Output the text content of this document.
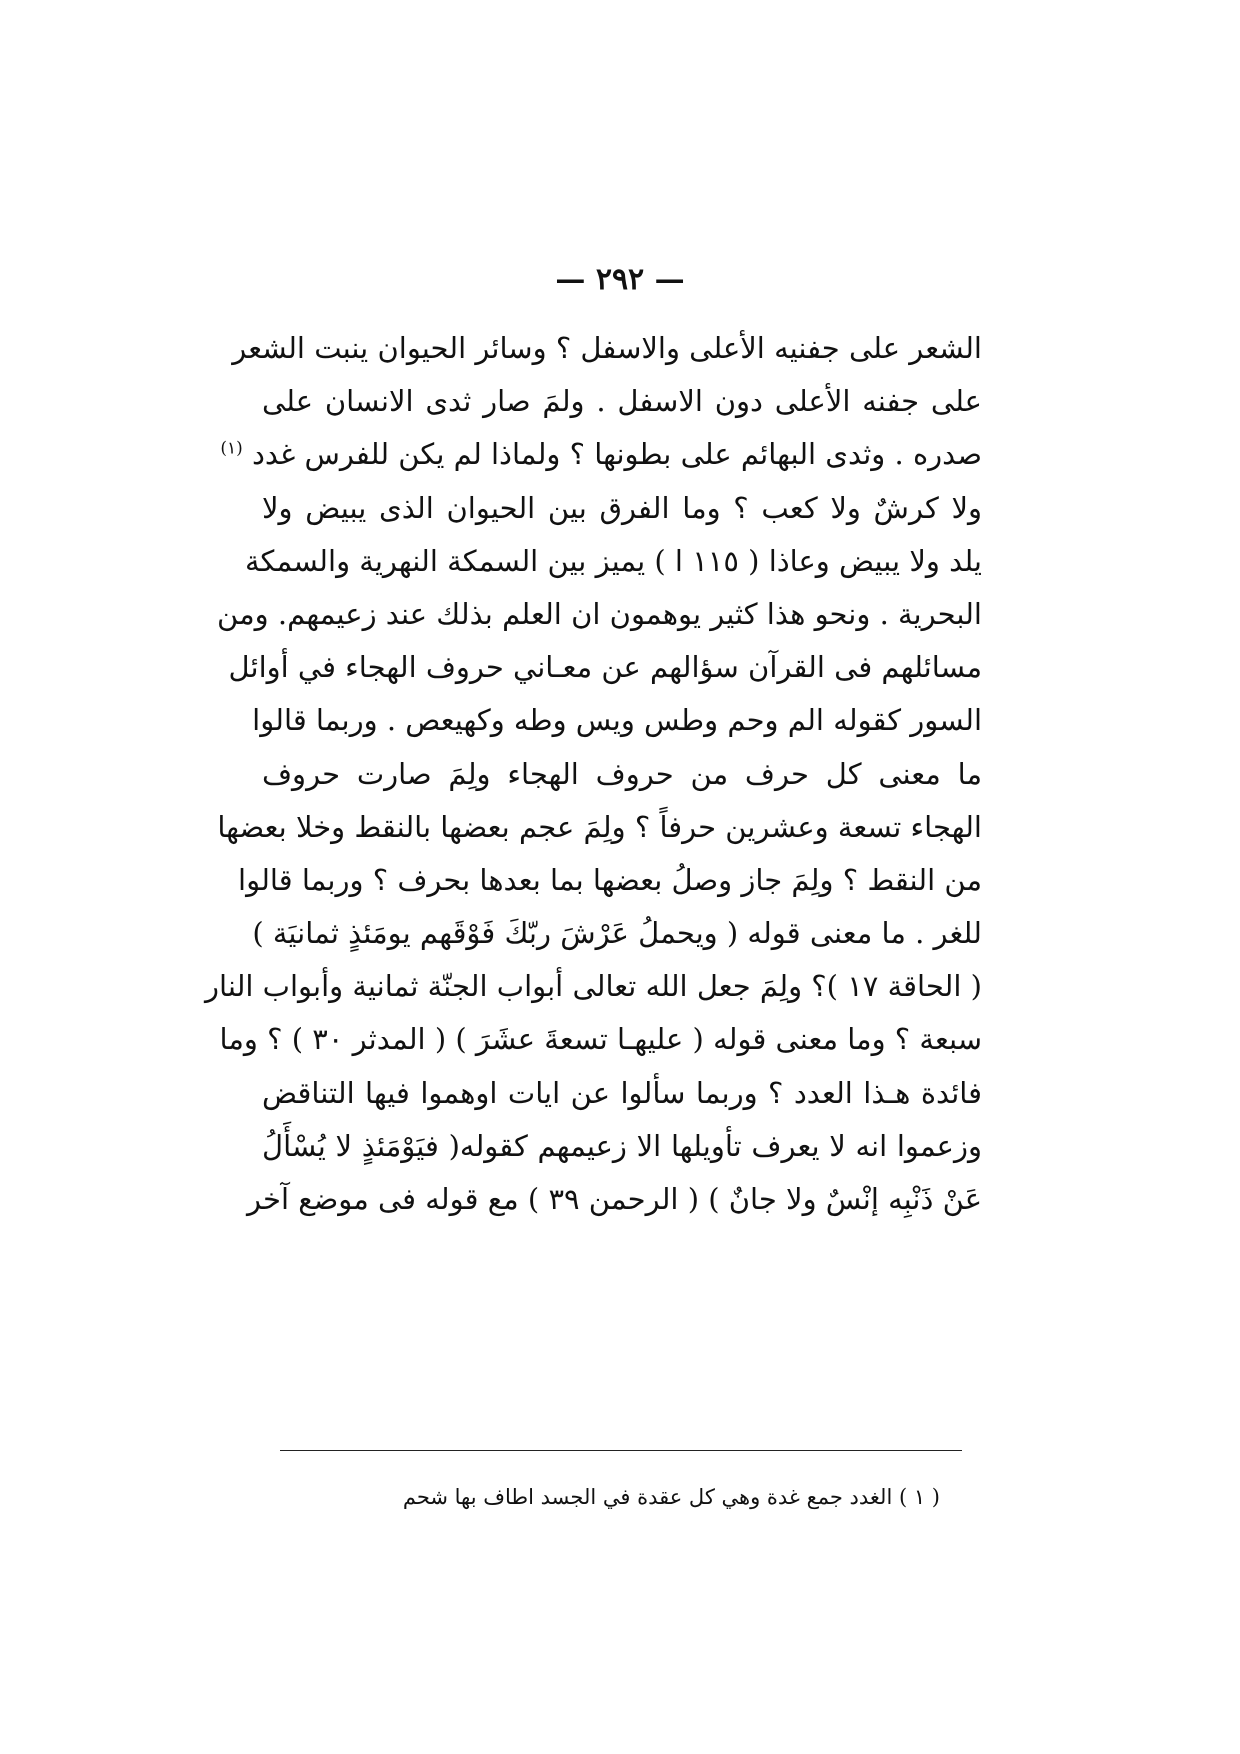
— ٢٩٢ —
الشعر على جفنيه الأعلى والاسفل ؟ وسائر الحيوان ينبت الشعر
على جفنه الأعلى دون الاسفل . ولمَ صار ثدى الانسان على
صدره . وثدى البهائم على بطونها ؟ ولماذا لم يكن للفرس غدد $^{(١)}$
ولا كرشٌ ولا كعب ؟ وما الفرق بين الحيوان الذى يبيض ولا
يلد ولا يبيض وعاذا ( ١١٥ ا ) يميز بين السمكة النهرية والسمكة
البحرية . ونحو هذا كثير يوهمون ان العلم بذلك عند زعيمهم. ومن
مسائلهم فى القرآن سؤالهم عن معـاني حروف الهجاء في أوائل
السور كقوله الم وحم وطس ويس وطه وكهيعص . وربما قالوا
ما معنى كل حرف من حروف الهجاء ولِمَ صارت حروف
الهجاء تسعة وعشرين حرفاً ؟ ولِمَ عجم بعضها بالنقط وخلا بعضها
من النقط ؟ ولِمَ جاز وصلُ بعضها بما بعدها بحرف ؟ وربما قالوا
للغر . ما معنى قوله ( ويحملُ عَرْشَ ربّكَ فَوْقَهم يومَئذٍ ثمانيَة )
( الحاقة ١٧ )؟ ولِمَ جعل الله تعالى أبواب الجنّة ثمانية وأبواب النار
سبعة ؟ وما معنى قوله ( عليهـا تسعةَ عشَرَ ) ( المدثر ٣٠ ) ؟ وما
فائدة هـذا العدد ؟ وربما سألوا عن ايات اوهموا فيها التناقض
وزعموا انه لا يعرف تأويلها الا زعيمهم كقوله( فيَوْمَئذٍ لا يُسْأَلُ
عَنْ ذَنْبِه إنْسٌ ولا جانٌ ) ( الرحمن ٣٩ ) مع قوله فى موضع آخر
( ١ ) الغدد جمع غدة وهي كل عقدة في الجسد اطاف بها شحم
